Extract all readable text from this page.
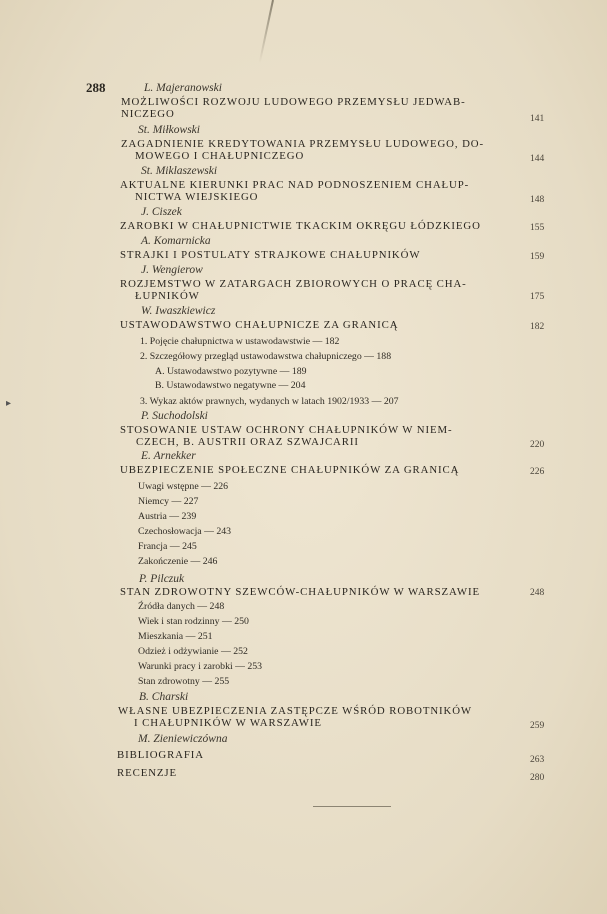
▸
288	L. Majeranowski
MOŻLIWOŚCI ROZWOJU LUDOWEGO PRZEMYSŁU JEDWAB-
NICZEGO	141
St. Miłkowski
ZAGADNIENIE KREDYTOWANIA PRZEMYSŁU LUDOWEGO, DO-
MOWEGO I CHAŁUPNICZEGO	144
St. Miklaszewski
AKTUALNE KIERUNKI PRAC NAD PODNOSZENIEM CHAŁUP-
NICTWA WIEJSKIEGO	148
J. Ciszek
ZAROBKI W CHAŁUPNICTWIE TKACKIM OKRĘGU ŁÓDZKIEGO	155
A. Komarnicka
STRAJKI I POSTULATY STRAJKOWE CHAŁUPNIKÓW	159
J. Wengierow
ROZJEMSTWO W ZATARGACH ZBIOROWYCH O PRACĘ CHA-
ŁUPNIKÓW	175
W. Iwaszkiewicz
USTAWODAWSTWO CHAŁUPNICZE ZA GRANICĄ	182
1. Pojęcie chałupnictwa w ustawodawstwie — 182
2. Szczegółowy przegląd ustawodawstwa chałupniczego — 188
A. Ustawodawstwo pozytywne — 189
B. Ustawodawstwo negatywne — 204
3. Wykaz aktów prawnych, wydanych w latach 1902/1933 — 207
P. Suchodolski
STOSOWANIE USTAW OCHRONY CHAŁUPNIKÓW W NIEM-
CZECH, B. AUSTRII ORAZ SZWAJCARII	220
E. Arnekker
UBEZPIECZENIE SPOŁECZNE CHAŁUPNIKÓW ZA GRANICĄ	226
Uwagi wstępne — 226
Niemcy — 227
Austria — 239
Czechosłowacja — 243
Francja — 245
Zakończenie — 246
P. Pilczuk
STAN ZDROWOTNY SZEWCÓW-CHAŁUPNIKÓW W WARSZAWIE	248
Źródła danych — 248
Wiek i stan rodzinny — 250
Mieszkania — 251
Odzież i odżywianie — 252
Warunki pracy i zarobki — 253
Stan zdrowotny — 255
B. Charski
WŁASNE UBEZPIECZENIA ZASTĘPCZE WŚRÓD ROBOTNIKÓW
I CHAŁUPNIKÓW W WARSZAWIE	259
M. Zieniewiczówna
BIBLIOGRAFIA	263
RECENZJE	280
